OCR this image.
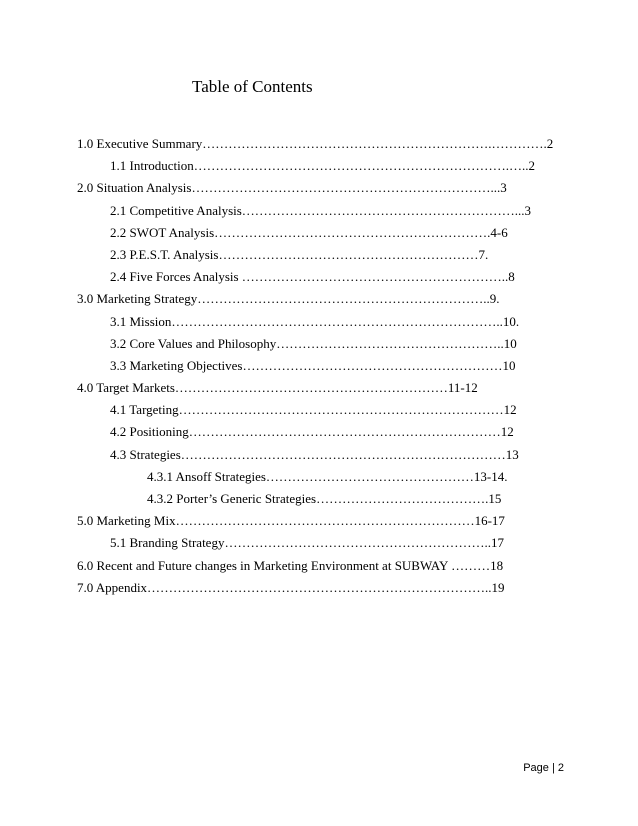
Table of Contents
1.0 Executive Summary………………………………………………………….………….2
1.1 Introduction……………………………………………………………….…..2
2.0 Situation Analysis……………………………………………………………...3
2.1 Competitive Analysis………………………………………………………...3
2.2 SWOT Analysis……………………………………………………….4-6
2.3 P.E.S.T. Analysis……………………………………………………7.
2.4 Five Forces Analysis ……………………………………………………..8
3.0 Marketing Strategy…………………………………………………………..9.
3.1 Mission…………………………………………………………………..10.
3.2 Core Values and Philosophy……………………………………………..10
3.3 Marketing Objectives……………………………………………………10
4.0 Target Markets………………………………………………………11-12
4.1 Targeting…………………………………………………………………12
4.2 Positioning………………………………………………………………12
4.3 Strategies…………………………………………………………………13
4.3.1 Ansoff Strategies…………………………………………13-14.
4.3.2 Porter’s Generic Strategies………………………………….15
5.0 Marketing Mix……………………………………………………………16-17
5.1 Branding Strategy……………………………………………………..17
6.0 Recent and Future changes in Marketing Environment at SUBWAY ………18
7.0 Appendix……………………………………………………………………..19
Page | 2
